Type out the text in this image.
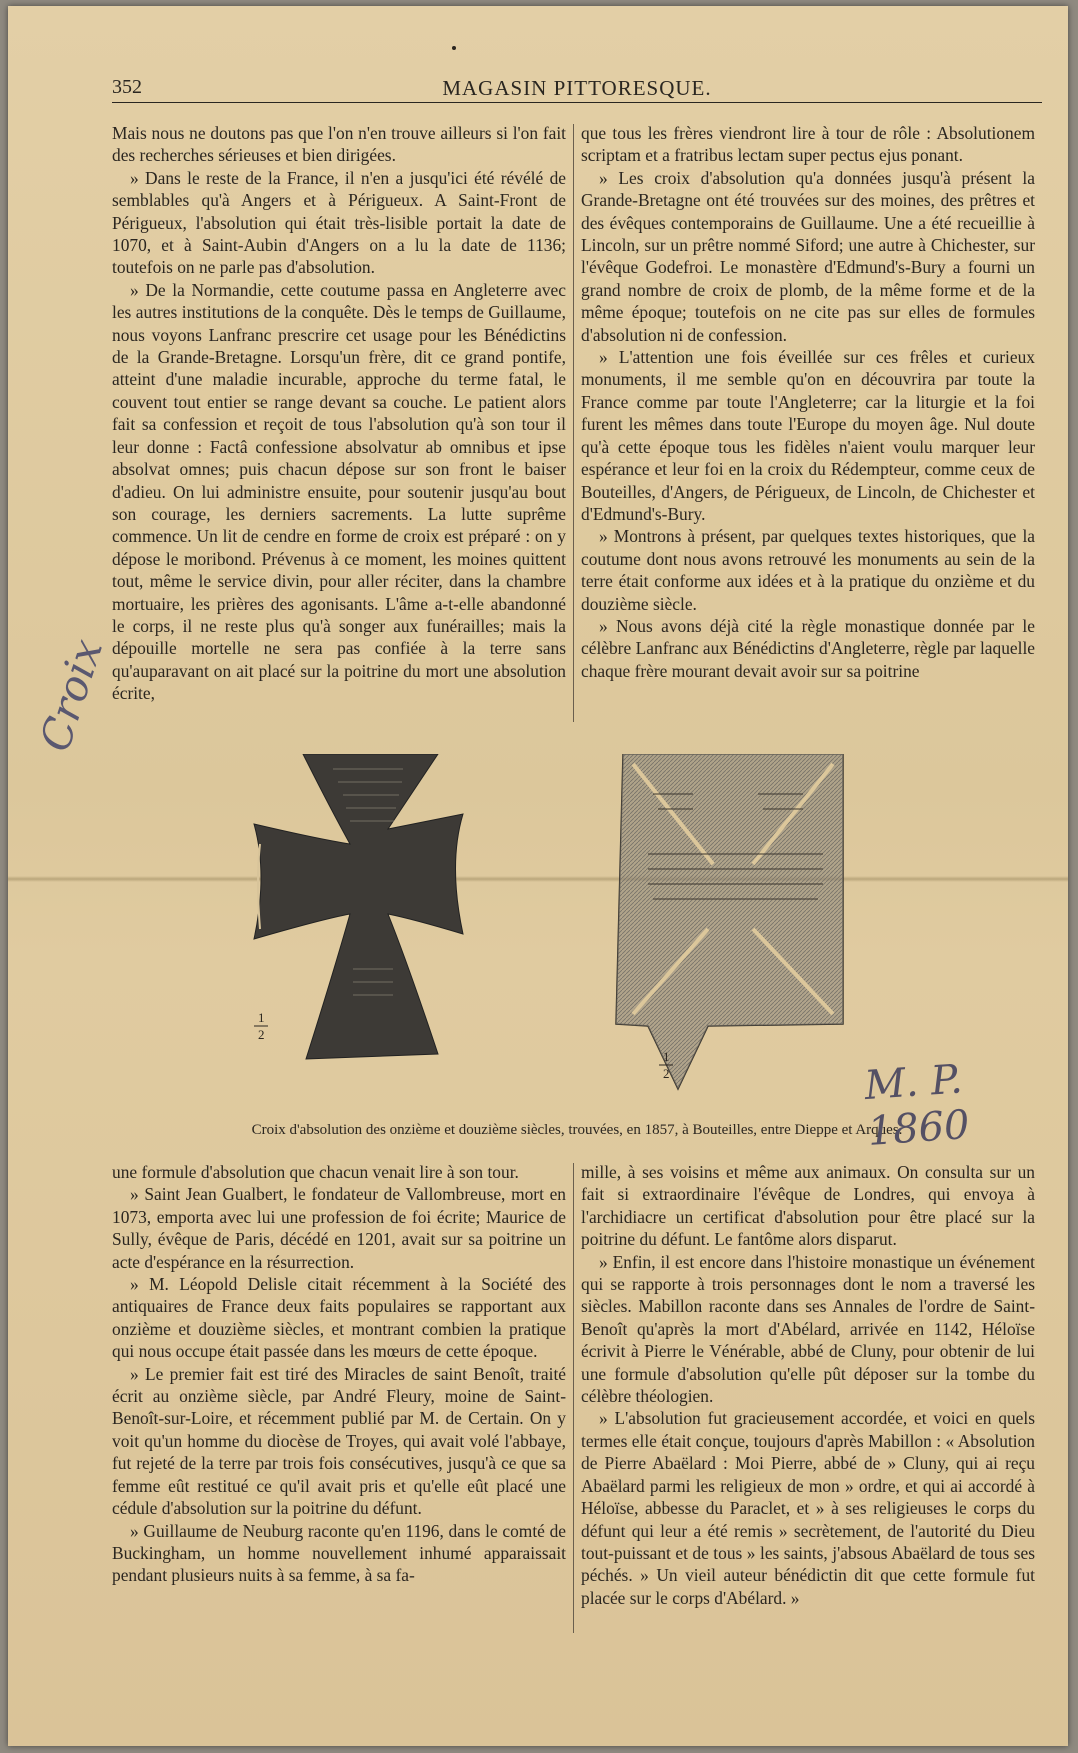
352	MAGASIN PITTORESQUE.

Mais nous ne doutons pas que l'on n'en trouve ailleurs si l'on fait des recherches sérieuses et bien dirigées.

» Dans le reste de la France, il n'en a jusqu'ici été révélé de semblables qu'à Angers et à Périgueux. A Saint-Front de Périgueux, l'absolution qui était très-lisible portait la date de 1070, et à Saint-Aubin d'Angers on a lu la date de 1136; toutefois on ne parle pas d'absolution.

» De la Normandie, cette coutume passa en Angleterre avec les autres institutions de la conquête. Dès le temps de Guillaume, nous voyons Lanfranc prescrire cet usage pour les Bénédictins de la Grande-Bretagne. Lorsqu'un frère, dit ce grand pontife, atteint d'une maladie incurable, approche du terme fatal, le couvent tout entier se range devant sa couche. Le patient alors fait sa confession et reçoit de tous l'absolution qu'à son tour il leur donne : Factâ confessione absolvatur ab omnibus et ipse absolvat omnes; puis chacun dépose sur son front le baiser d'adieu. On lui administre ensuite, pour soutenir jusqu'au bout son courage, les derniers sacrements. La lutte suprême commence. Un lit de cendre en forme de croix est préparé : on y dépose le moribond. Prévenus à ce moment, les moines quittent tout, même le service divin, pour aller réciter, dans la chambre mortuaire, les prières des agonisants. L'âme a-t-elle abandonné le corps, il ne reste plus qu'à songer aux funérailles; mais la dépouille mortelle ne sera pas confiée à la terre sans qu'auparavant on ait placé sur la poitrine du mort une absolution écrite,

que tous les frères viendront lire à tour de rôle : Absolutionem scriptam et a fratribus lectam super pectus ejus ponant.

» Les croix d'absolution qu'a données jusqu'à présent la Grande-Bretagne ont été trouvées sur des moines, des prêtres et des évêques contemporains de Guillaume. Une a été recueillie à Lincoln, sur un prêtre nommé Siford; une autre à Chichester, sur l'évêque Godefroi. Le monastère d'Edmund's-Bury a fourni un grand nombre de croix de plomb, de la même forme et de la même époque; toutefois on ne cite pas sur elles de formules d'absolution ni de confession.

» L'attention une fois éveillée sur ces frêles et curieux monuments, il me semble qu'on en découvrira par toute la France comme par toute l'Angleterre; car la liturgie et la foi furent les mêmes dans toute l'Europe du moyen âge. Nul doute qu'à cette époque tous les fidèles n'aient voulu marquer leur espérance et leur foi en la croix du Rédempteur, comme ceux de Bouteilles, d'Angers, de Périgueux, de Lincoln, de Chichester et d'Edmund's-Bury.

» Montrons à présent, par quelques textes historiques, que la coutume dont nous avons retrouvé les monuments au sein de la terre était conforme aux idées et à la pratique du onzième et du douzième siècle.

» Nous avons déjà cité la règle monastique donnée par le célèbre Lanfranc aux Bénédictins d'Angleterre, règle par laquelle chaque frère mourant devait avoir sur sa poitrine

1
2
1
2
Croix d'absolution des onzième et douzième siècles, trouvées, en 1857, à Bouteilles, entre Dieppe et Arques.

une formule d'absolution que chacun venait lire à son tour.

» Saint Jean Gualbert, le fondateur de Vallombreuse, mort en 1073, emporta avec lui une profession de foi écrite; Maurice de Sully, évêque de Paris, décédé en 1201, avait sur sa poitrine un acte d'espérance en la résurrection.

» M. Léopold Delisle citait récemment à la Société des antiquaires de France deux faits populaires se rapportant aux onzième et douzième siècles, et montrant combien la pratique qui nous occupe était passée dans les mœurs de cette époque.

» Le premier fait est tiré des Miracles de saint Benoît, traité écrit au onzième siècle, par André Fleury, moine de Saint-Benoît-sur-Loire, et récemment publié par M. de Certain. On y voit qu'un homme du diocèse de Troyes, qui avait volé l'abbaye, fut rejeté de la terre par trois fois consécutives, jusqu'à ce que sa femme eût restitué ce qu'il avait pris et qu'elle eût placé une cédule d'absolution sur la poitrine du défunt.

» Guillaume de Neuburg raconte qu'en 1196, dans le comté de Buckingham, un homme nouvellement inhumé apparaissait pendant plusieurs nuits à sa femme, à sa fa-

mille, à ses voisins et même aux animaux. On consulta sur un fait si extraordinaire l'évêque de Londres, qui envoya à l'archidiacre un certificat d'absolution pour être placé sur la poitrine du défunt. Le fantôme alors disparut.

» Enfin, il est encore dans l'histoire monastique un événement qui se rapporte à trois personnages dont le nom a traversé les siècles. Mabillon raconte dans ses Annales de l'ordre de Saint-Benoît qu'après la mort d'Abélard, arrivée en 1142, Héloïse écrivit à Pierre le Vénérable, abbé de Cluny, pour obtenir de lui une formule d'absolution qu'elle pût déposer sur la tombe du célèbre théologien.

» L'absolution fut gracieusement accordée, et voici en quels termes elle était conçue, toujours d'après Mabillon : « Absolution de Pierre Abaëlard : Moi Pierre, abbé de » Cluny, qui ai reçu Abaëlard parmi les religieux de mon » ordre, et qui ai accordé à Héloïse, abbesse du Paraclet, et » à ses religieuses le corps du défunt qui leur a été remis » secrètement, de l'autorité du Dieu tout-puissant et de tous » les saints, j'absous Abaëlard de tous ses péchés. » Un vieil auteur bénédictin dit que cette formule fut placée sur le corps d'Abélard. »

Croix
M. P. 1860
